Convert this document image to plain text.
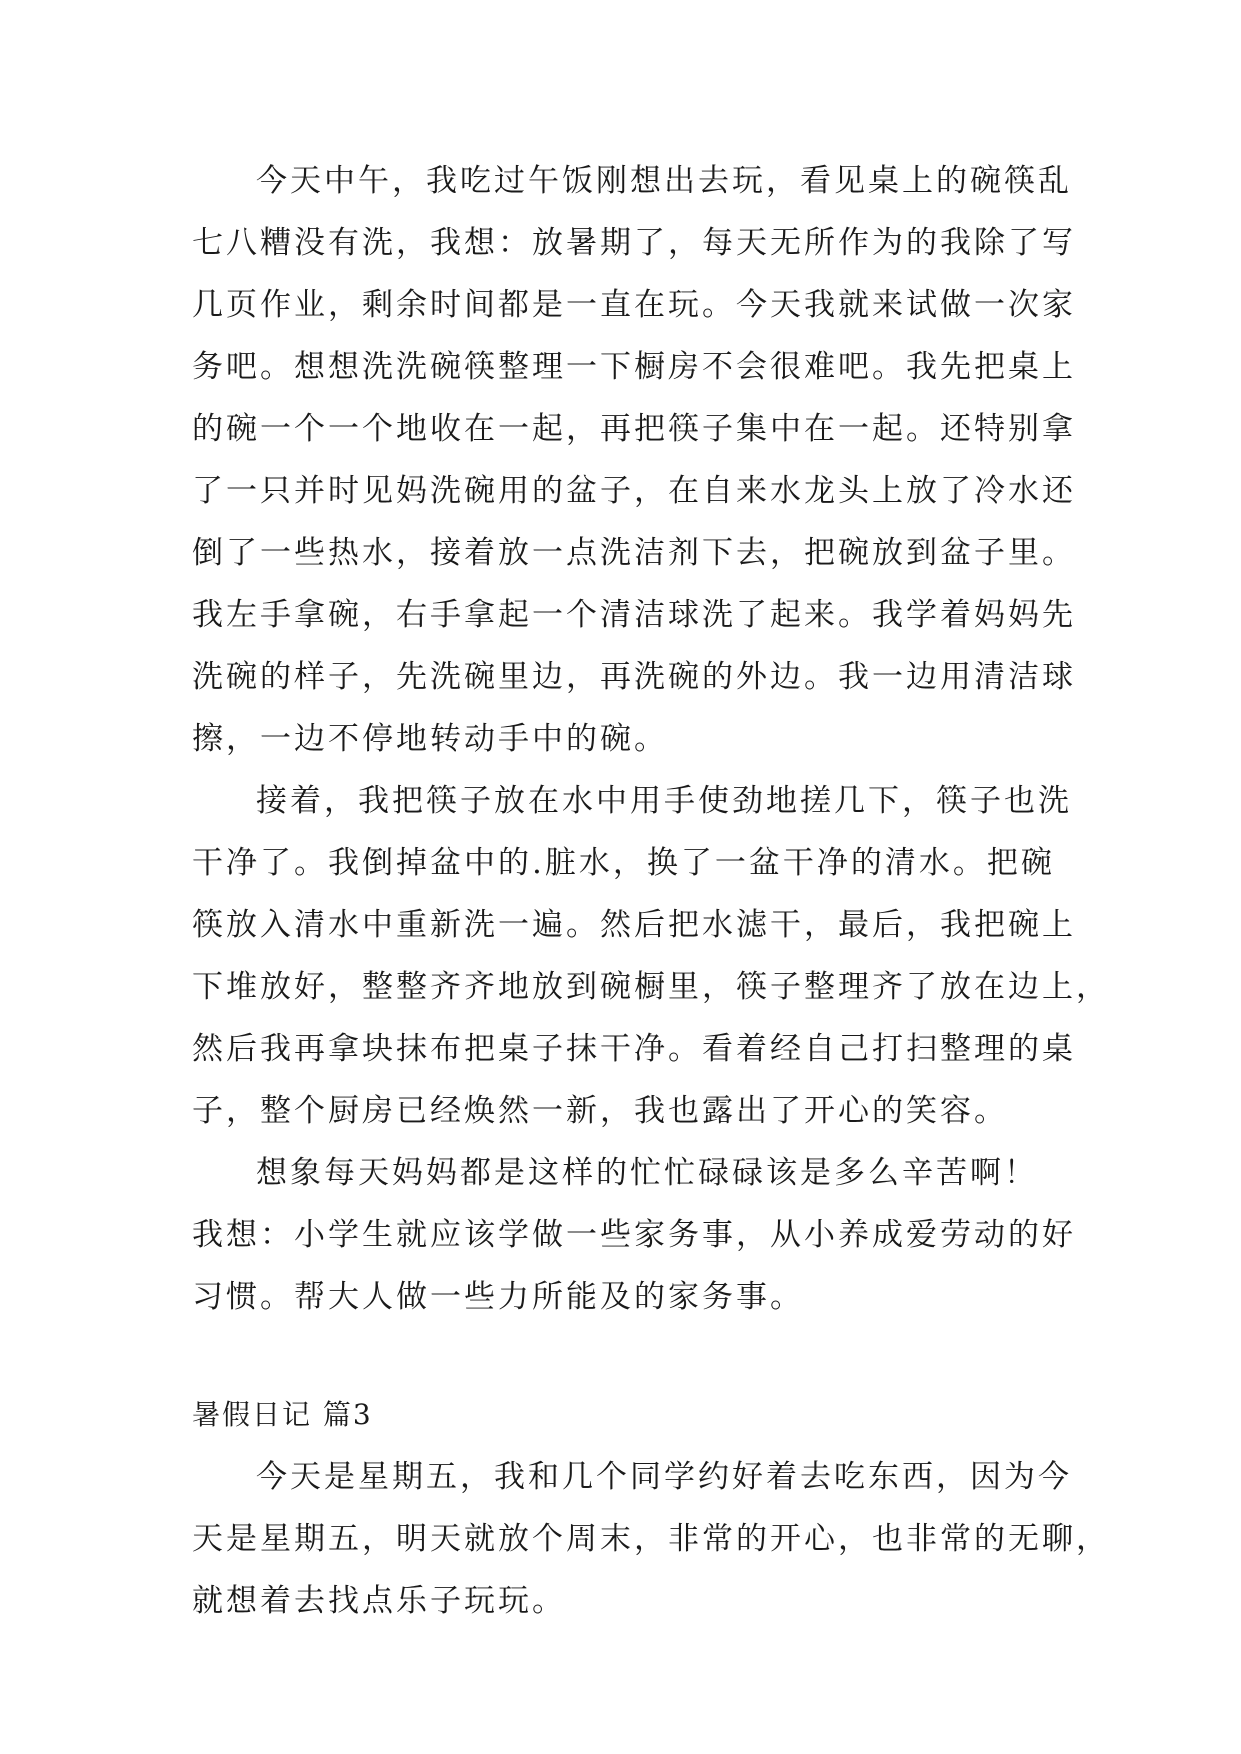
今天中午，我吃过午饭刚想出去玩，看见桌上的碗筷乱
七八糟没有洗，我想：放暑期了，每天无所作为的我除了写
几页作业，剩余时间都是一直在玩。今天我就来试做一次家
务吧。想想洗洗碗筷整理一下橱房不会很难吧。我先把桌上
的碗一个一个地收在一起，再把筷子集中在一起。还特别拿
了一只并时见妈洗碗用的盆子，在自来水龙头上放了冷水还
倒了一些热水，接着放一点洗洁剂下去，把碗放到盆子里。
我左手拿碗，右手拿起一个清洁球洗了起来。我学着妈妈先
洗碗的样子，先洗碗里边，再洗碗的外边。我一边用清洁球
擦，一边不停地转动手中的碗。
接着，我把筷子放在水中用手使劲地搓几下，筷子也洗
干净了。我倒掉盆中的.脏水，换了一盆干净的清水。把碗
筷放入清水中重新洗一遍。然后把水滤干，最后，我把碗上
下堆放好，整整齐齐地放到碗橱里，筷子整理齐了放在边上，
然后我再拿块抹布把桌子抹干净。看着经自己打扫整理的桌
子，整个厨房已经焕然一新，我也露出了开心的笑容。
想象每天妈妈都是这样的忙忙碌碌该是多么辛苦啊！
我想：小学生就应该学做一些家务事，从小养成爱劳动的好
习惯。帮大人做一些力所能及的家务事。
暑假日记 篇3
今天是星期五，我和几个同学约好着去吃东西，因为今
天是星期五，明天就放个周末，非常的开心，也非常的无聊，
就想着去找点乐子玩玩。
